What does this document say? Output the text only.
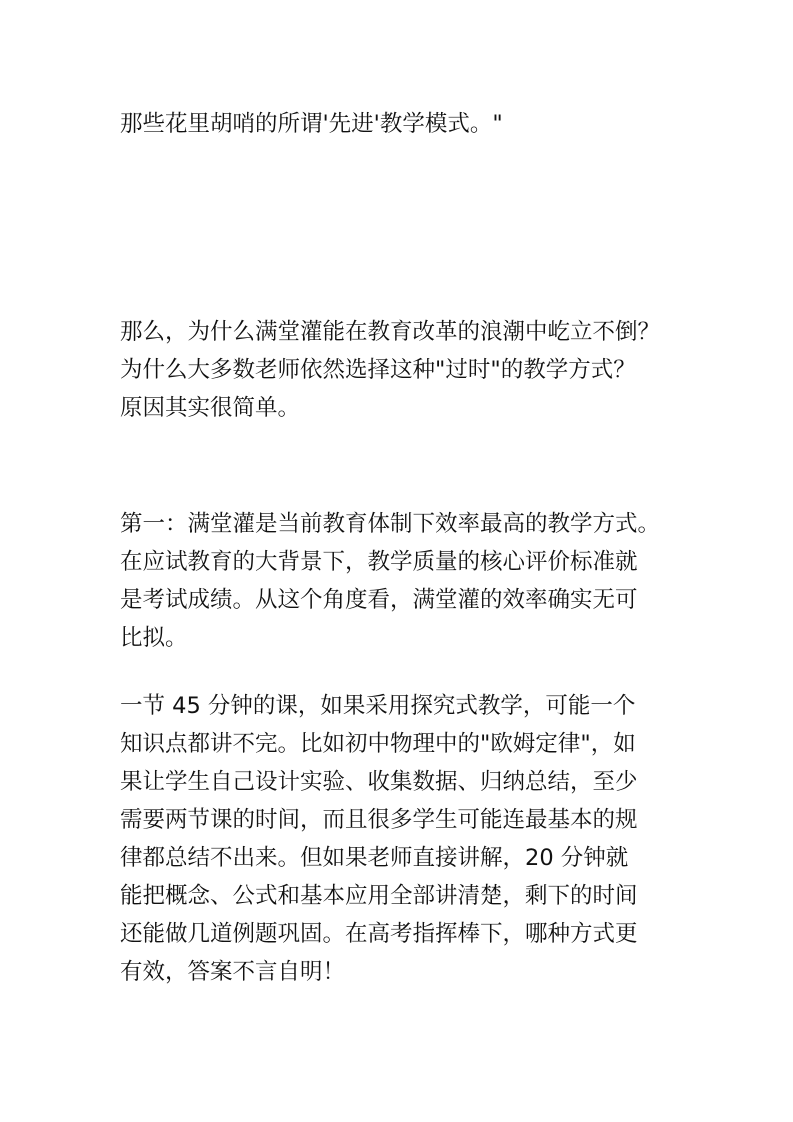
那些花里胡哨的所谓'先进'教学模式。"
那么，为什么满堂灌能在教育改革的浪潮中屹立不倒？
为什么大多数老师依然选择这种"过时"的教学方式？
原因其实很简单。
第一：满堂灌是当前教育体制下效率最高的教学方式。
在应试教育的大背景下，教学质量的核心评价标准就
是考试成绩。从这个角度看，满堂灌的效率确实无可
比拟。
一节 45 分钟的课，如果采用探究式教学，可能一个
知识点都讲不完。比如初中物理中的"欧姆定律"，如
果让学生自己设计实验、收集数据、归纳总结，至少
需要两节课的时间，而且很多学生可能连最基本的规
律都总结不出来。但如果老师直接讲解，20 分钟就
能把概念、公式和基本应用全部讲清楚，剩下的时间
还能做几道例题巩固。在高考指挥棒下，哪种方式更
有效，答案不言自明！
